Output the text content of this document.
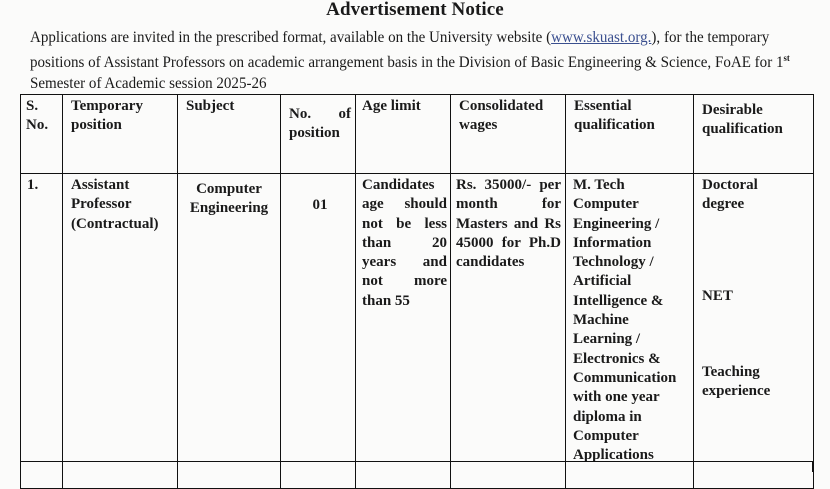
Advertisement Notice
Applications are invited in the prescribed format, available on the University website (www.skuast.org.), for the temporary positions of Assistant Professors on academic arrangement basis in the Division of Basic Engineering & Science, FoAE for 1st Semester of Academic session 2025-26
S. No.	Temporary position	Subject	No. of position	Age limit	Consolidated wages	Essential qualification	Desirable qualification
1.	Assistant Professor (Contractual)	Computer Engineering	01	Candidates age should not be less than 20 years and not more than 55	Rs. 35000/- per month for Masters and Rs 45000 for Ph.D candidates	M. Tech Computer Engineering / Information Technology / Artificial Intelligence & Machine Learning / Electronics & Communication with one year diploma in Computer Applications	Doctoral degree
NET
Teaching experience
